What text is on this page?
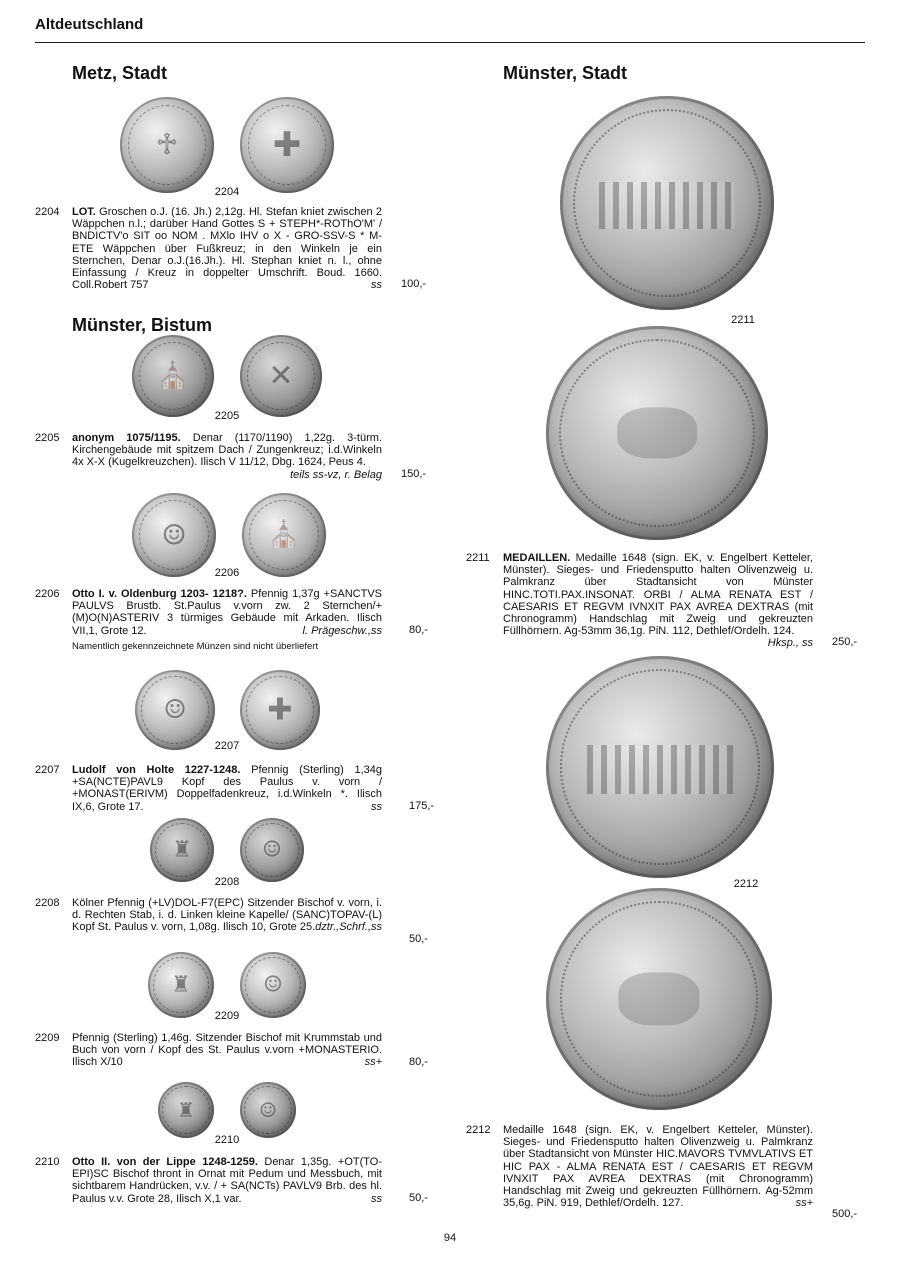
Altdeutschland
Metz, Stadt
Münster, Bistum
Münster, Stadt
♱	✚
2204
2204 LOT. Groschen o.J. (16. Jh.) 2,12g. Hl. Stefan kniet zwischen 2 Wäppchen n.l.; darüber Hand Gottes S + STEPH*-ROThO'M' / BNDICTV'o SIT oo NOM . MXlo IHV o X - GRO-SSV-S * M-ETE Wäppchen über Fußkreuz; in den Winkeln je ein Sternchen, Denar o.J.(16.Jh.). Hl. Stephan kniet n. l., ohne Einfassung / Kreuz in doppelter Umschrift. Boud. 1660. Coll.Robert 757	ss 100,-
⛪	✕
2205
2205 anonym 1075/1195. Denar (1170/1190) 1,22g. 3-türm. Kirchengebäude mit spitzem Dach / Zungenkreuz; i.d.Winkeln 4x X-X (Kugelkreuzchen). Ilisch V 11/12, Dbg. 1624, Peus 4.
teils ss-vz, r. Belag 150,-
☺	⛪
2206
2206 Otto I. v. Oldenburg 1203- 1218?. Pfennig 1,37g +SANCTVS PAULVS Brustb. St.Paulus v.vorn zw. 2 Sternchen/+(M)O(N)ASTERIV 3 türmiges Gebäude mit Arkaden. Ilisch VII,1, Grote 12.	l. Prägeschw.,ss 80,-
Namentlich gekennzeichnete Münzen sind nicht überliefert
☺	✚
2207
2207 Ludolf von Holte 1227-1248. Pfennig (Sterling) 1,34g +SA(NCTE)PAVL9 Kopf des Paulus v. vorn / +MONAST(ERIVM) Doppelfadenkreuz, i.d.Winkeln *. Ilisch IX,6, Grote 17.	ss 175,-
♜	☺
2208
2208 Kölner Pfennig (+LV)DOL-F7(EPC) Sitzender Bischof v. vorn, i. d. Rechten Stab, i. d. Linken kleine Kapelle/ (SANC)TOPAV-(L) Kopf St. Paulus v. vorn, 1,08g. Ilisch 10, Grote 25. dztr.,Schrf.,ss
50,-
♜	☺
2209
2209 Pfennig (Sterling) 1,46g. Sitzender Bischof mit Krummstab und Buch von vorn / Kopf des St. Paulus v.vorn +MONASTERIO. Ilisch X/10	ss+ 80,-
♜	☺
2210
2210 Otto II. von der Lippe 1248-1259. Denar 1,35g. +OT(TO-EPI)SC Bischof thront in Ornat mit Pedum und Messbuch, mit sichtbarem Handrücken, v.v. / + SA(NCTs) PAVLV9 Brb. des hl. Paulus v.v. Grote 28, Ilisch X,1 var.	ss 50,-
2211
2211 MEDAILLEN. Medaille 1648 (sign. EK, v. Engelbert Ketteler, Münster). Sieges- und Friedensputto halten Olivenzweig u. Palmkranz über Stadtansicht von Münster HINC.TOTI.PAX.INSONAT. ORBI / ALMA RENATA EST / CAESARIS ET REGVM IVNXIT PAX AVREA DEXTRAS (mit Chronogramm) Handschlag mit Zweig und gekreuzten Füllhörnern. Ag-53mm 36,1g. PiN. 112, Dethlef/Ordelh. 124.
Hksp., ss 250,-
2212
2212 Medaille 1648 (sign. EK, v. Engelbert Ketteler, Münster). Sieges- und Friedensputto halten Olivenzweig u. Palmkranz über Stadtansicht von Münster HIC.MAVORS TVMVLATIVS ET HIC PAX - ALMA RENATA EST / CAESARIS ET REGVM IVNXIT PAX AVREA DEXTRAS (mit Chronogramm) Handschlag mit Zweig und gekreuzten Füllhörnern. Ag-52mm 35,6g. PiN. 919, Dethlef/Ordelh. 127.	ss+
500,-
94
